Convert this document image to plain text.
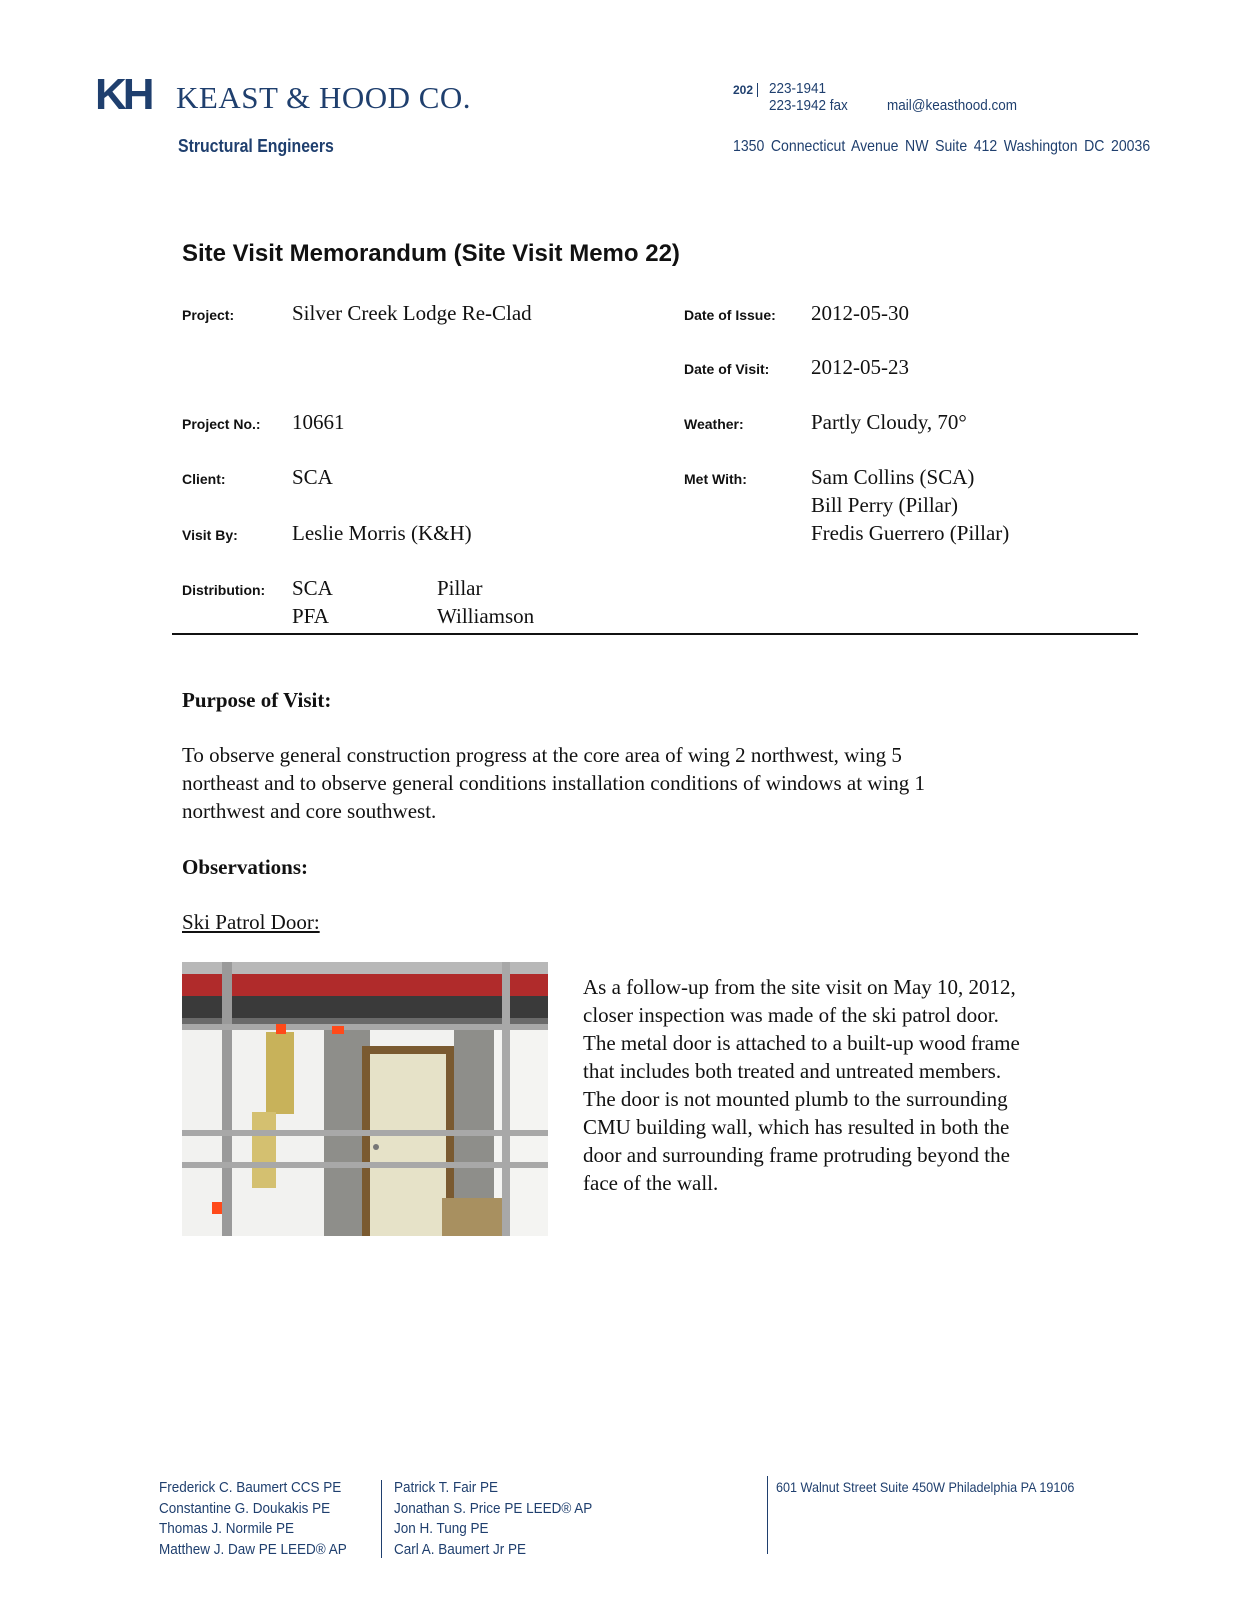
KH KEAST & HOOD CO.
Structural Engineers
202 223-1941
223-1942 fax	mail@keasthood.com
1350 Connecticut Avenue NW Suite 412 Washington DC 20036
Site Visit Memorandum (Site Visit Memo 22)
Project:	Silver Creek Lodge Re-Clad
Project No.: 10661
Client:	SCA
Visit By:	Leslie Morris (K&H)
Distribution: SCA	Pillar
PFA	Williamson
Date of Issue: 2012-05-30
Date of Visit: 2012-05-23
Weather:	Partly Cloudy, 70°
Met With:	Sam Collins (SCA)
Bill Perry (Pillar)
Fredis Guerrero (Pillar)
Purpose of Visit:
To observe general construction progress at the core area of wing 2 northwest, wing 5
northeast and to observe general conditions installation conditions of windows at wing 1
northwest and core southwest.
Observations:
Ski Patrol Door:
As a follow-up from the site visit on May 10, 2012,
closer inspection was made of the ski patrol door.
The metal door is attached to a built-up wood frame
that includes both treated and untreated members.
The door is not mounted plumb to the surrounding
CMU building wall, which has resulted in both the
door and surrounding frame protruding beyond the
face of the wall.
Frederick C. Baumert CCS PE
Constantine G. Doukakis PE
Thomas J. Normile PE
Matthew J. Daw PE LEED® AP
Patrick T. Fair PE
Jonathan S. Price PE LEED® AP
Jon H. Tung PE
Carl A. Baumert Jr PE
601 Walnut Street Suite 450W Philadelphia PA 19106
